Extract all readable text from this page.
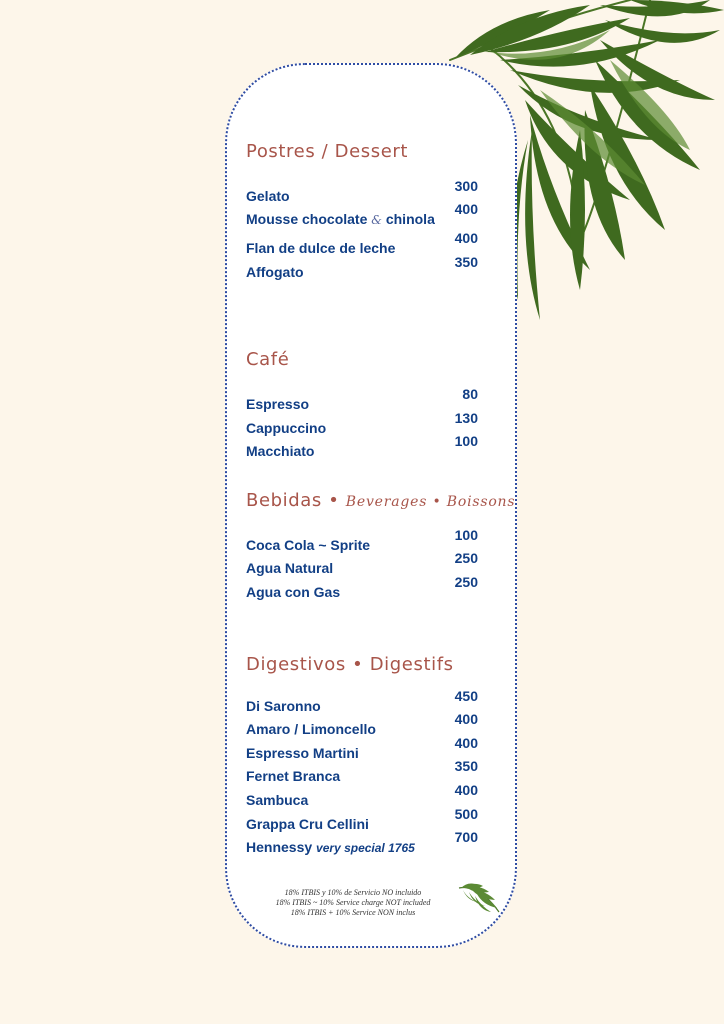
Postres / Dessert
Gelato
300
Mousse chocolate & chinola
400
Flan de dulce de leche
400
Affogato
350
Café
Espresso
80
Cappuccino
130
Macchiato
100
Bebidas • Beverages • Boissons
Coca Cola ~ Sprite
100
Agua Natural
250
Agua con Gas
250
Digestivos • Digestifs
Di Saronno
450
Amaro / Limoncello
400
Espresso Martini
400
Fernet Branca
350
Sambuca
400
Grappa Cru Cellini
500
Hennessy very special 1765
700
18% ITBIS y 10% de Servicio NO incluido
18% ITBIS ~ 10% Service charge NOT included
18% ITBIS + 10% Service NON inclus
